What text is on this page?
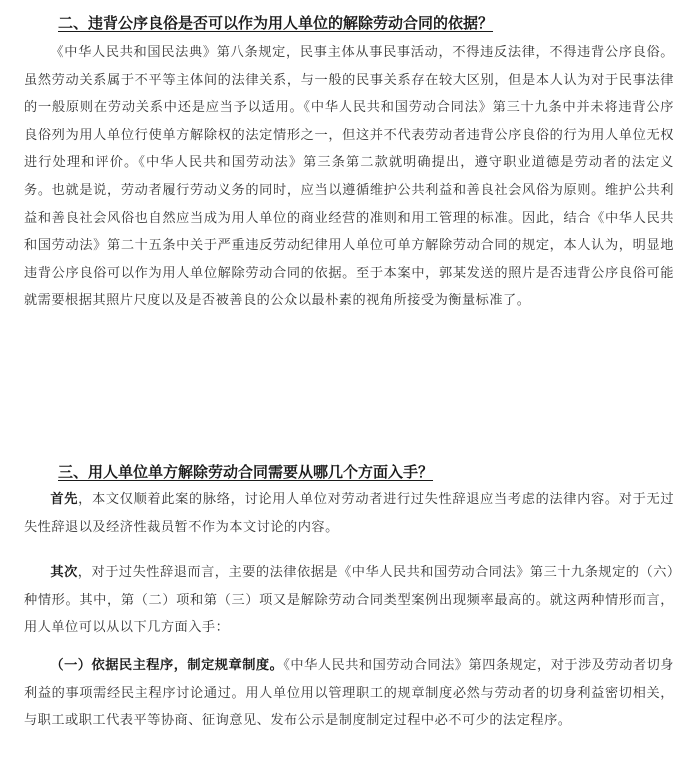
二、违背公序良俗是否可以作为用人单位的解除劳动合同的依据？

《中华人民共和国民法典》第八条规定，民事主体从事民事活动，不得违反法律，不得违背公序良俗。虽然劳动关系属于不平等主体间的法律关系，与一般的民事关系存在较大区别，但是本人认为对于民事法律的一般原则在劳动关系中还是应当予以适用。《中华人民共和国劳动合同法》第三十九条中并未将违背公序良俗列为用人单位行使单方解除权的法定情形之一，但这并不代表劳动者违背公序良俗的行为用人单位无权进行处理和评价。《中华人民共和国劳动法》第三条第二款就明确提出，遵守职业道德是劳动者的法定义务。也就是说，劳动者履行劳动义务的同时，应当以遵循维护公共利益和善良社会风俗为原则。维护公共利益和善良社会风俗也自然应当成为用人单位的商业经营的准则和用工管理的标准。因此，结合《中华人民共和国劳动法》第二十五条中关于严重违反劳动纪律用人单位可单方解除劳动合同的规定，本人认为，明显地违背公序良俗可以作为用人单位解除劳动合同的依据。至于本案中，郭某发送的照片是否违背公序良俗可能就需要根据其照片尺度以及是否被善良的公众以最朴素的视角所接受为衡量标准了。

三、用人单位单方解除劳动合同需要从哪几个方面入手？

首先，本文仅顺着此案的脉络，讨论用人单位对劳动者进行过失性辞退应当考虑的法律内容。对于无过失性辞退以及经济性裁员暂不作为本文讨论的内容。

其次，对于过失性辞退而言，主要的法律依据是《中华人民共和国劳动合同法》第三十九条规定的（六）种情形。其中，第（二）项和第（三）项又是解除劳动合同类型案例出现频率最高的。就这两种情形而言，用人单位可以从以下几方面入手：

（一）依据民主程序，制定规章制度。《中华人民共和国劳动合同法》第四条规定，对于涉及劳动者切身利益的事项需经民主程序讨论通过。用人单位用以管理职工的规章制度必然与劳动者的切身利益密切相关，与职工或职工代表平等协商、征询意见、发布公示是制度制定过程中必不可少的法定程序。
